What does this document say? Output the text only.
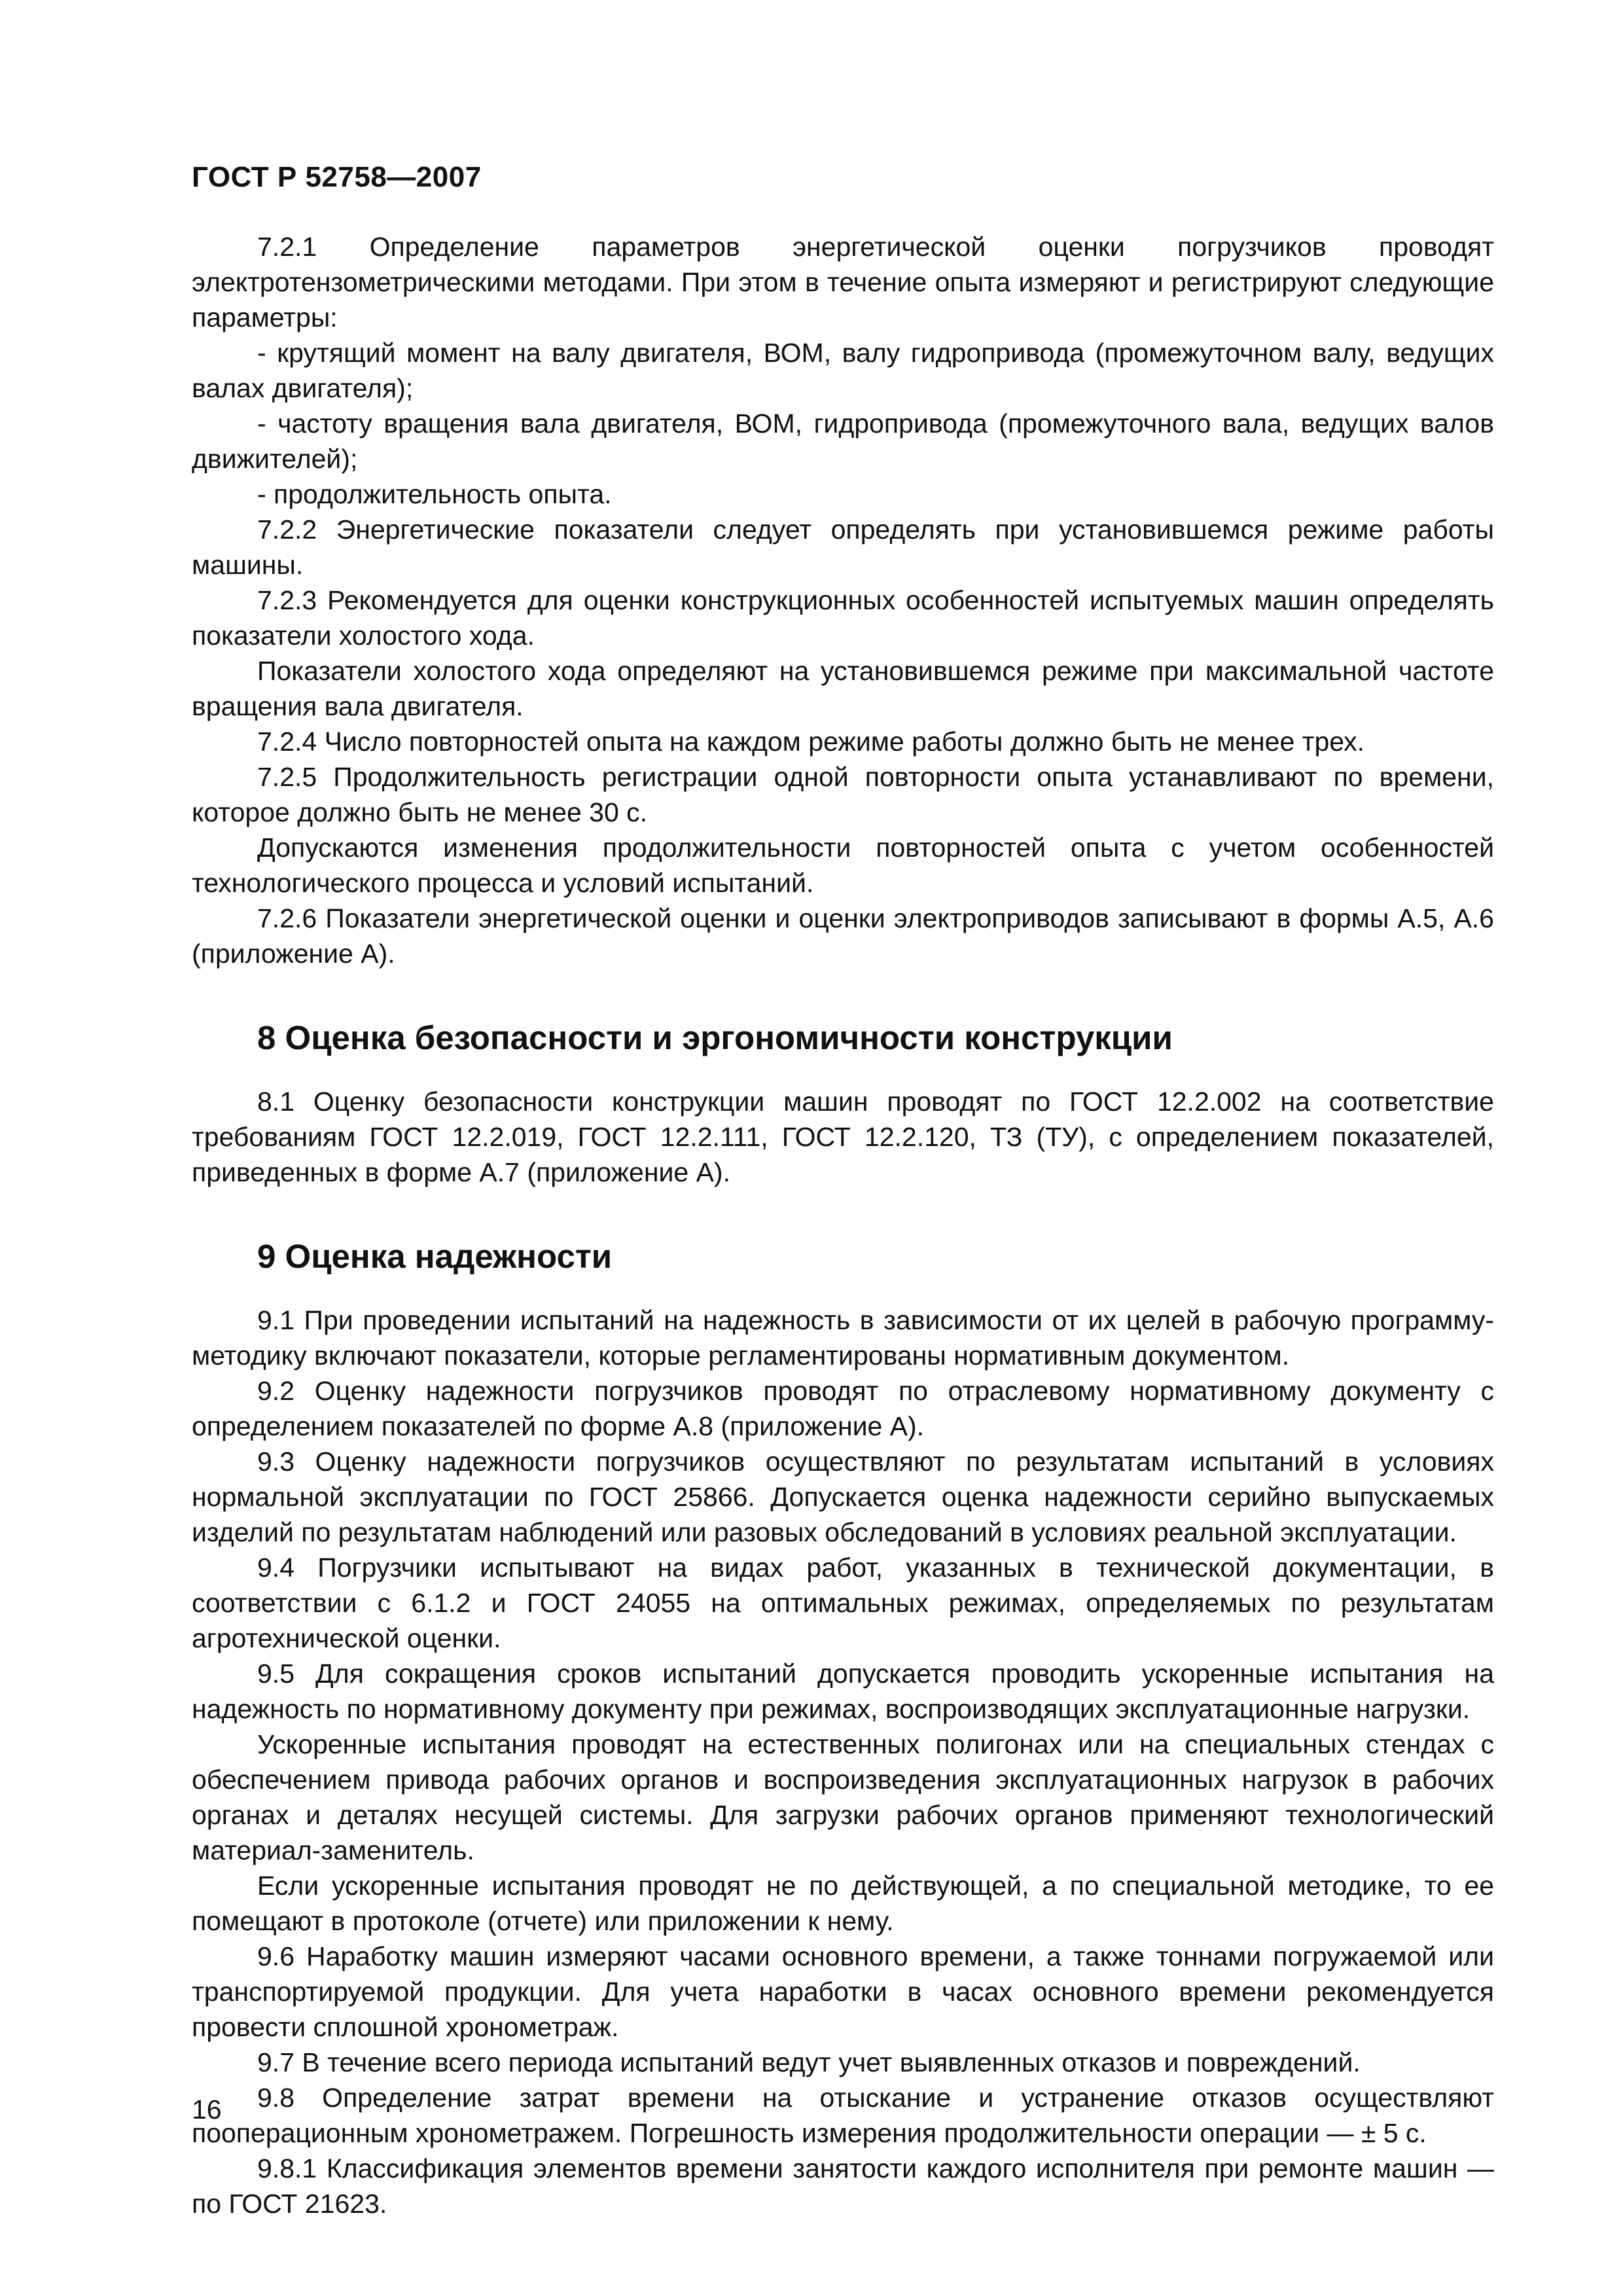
ГОСТ Р 52758—2007

7.2.1 Определение параметров энергетической оценки погрузчиков проводят электротензометрическими методами. При этом в течение опыта измеряют и регистрируют следующие параметры:

- крутящий момент на валу двигателя, ВОМ, валу гидропривода (промежуточном валу, ведущих валах двигателя);

- частоту вращения вала двигателя, ВОМ, гидропривода (промежуточного вала, ведущих валов движителей);

- продолжительность опыта.

7.2.2 Энергетические показатели следует определять при установившемся режиме работы машины.

7.2.3 Рекомендуется для оценки конструкционных особенностей испытуемых машин определять показатели холостого хода.

Показатели холостого хода определяют на установившемся режиме при максимальной частоте вращения вала двигателя.

7.2.4 Число повторностей опыта на каждом режиме работы должно быть не менее трех.

7.2.5 Продолжительность регистрации одной повторности опыта устанавливают по времени, которое должно быть не менее 30 с.

Допускаются изменения продолжительности повторностей опыта с учетом особенностей технологического процесса и условий испытаний.

7.2.6 Показатели энергетической оценки и оценки электроприводов записывают в формы А.5, А.6 (приложение А).

8 Оценка безопасности и эргономичности конструкции

8.1 Оценку безопасности конструкции машин проводят по ГОСТ 12.2.002 на соответствие требованиям ГОСТ 12.2.019, ГОСТ 12.2.111, ГОСТ 12.2.120, ТЗ (ТУ), с определением показателей, приведенных в форме А.7 (приложение А).

9 Оценка надежности

9.1 При проведении испытаний на надежность в зависимости от их целей в рабочую программу-методику включают показатели, которые регламентированы нормативным документом.

9.2 Оценку надежности погрузчиков проводят по отраслевому нормативному документу с определением показателей по форме А.8 (приложение А).

9.3 Оценку надежности погрузчиков осуществляют по результатам испытаний в условиях нормальной эксплуатации по ГОСТ 25866. Допускается оценка надежности серийно выпускаемых изделий по результатам наблюдений или разовых обследований в условиях реальной эксплуатации.

9.4 Погрузчики испытывают на видах работ, указанных в технической документации, в соответствии с 6.1.2 и ГОСТ 24055 на оптимальных режимах, определяемых по результатам агротехнической оценки.

9.5 Для сокращения сроков испытаний допускается проводить ускоренные испытания на надежность по нормативному документу при режимах, воспроизводящих эксплуатационные нагрузки.

Ускоренные испытания проводят на естественных полигонах или на специальных стендах с обеспечением привода рабочих органов и воспроизведения эксплуатационных нагрузок в рабочих органах и деталях несущей системы. Для загрузки рабочих органов применяют технологический материал-заменитель.

Если ускоренные испытания проводят не по действующей, а по специальной методике, то ее помещают в протоколе (отчете) или приложении к нему.

9.6 Наработку машин измеряют часами основного времени, а также тоннами погружаемой или транспортируемой продукции. Для учета наработки в часах основного времени рекомендуется провести сплошной хронометраж.

9.7 В течение всего периода испытаний ведут учет выявленных отказов и повреждений.

9.8 Определение затрат времени на отыскание и устранение отказов осуществляют пооперационным хронометражем. Погрешность измерения продолжительности операции — ± 5 с.

9.8.1 Классификация элементов времени занятости каждого исполнителя при ремонте машин — по ГОСТ 21623.

16
